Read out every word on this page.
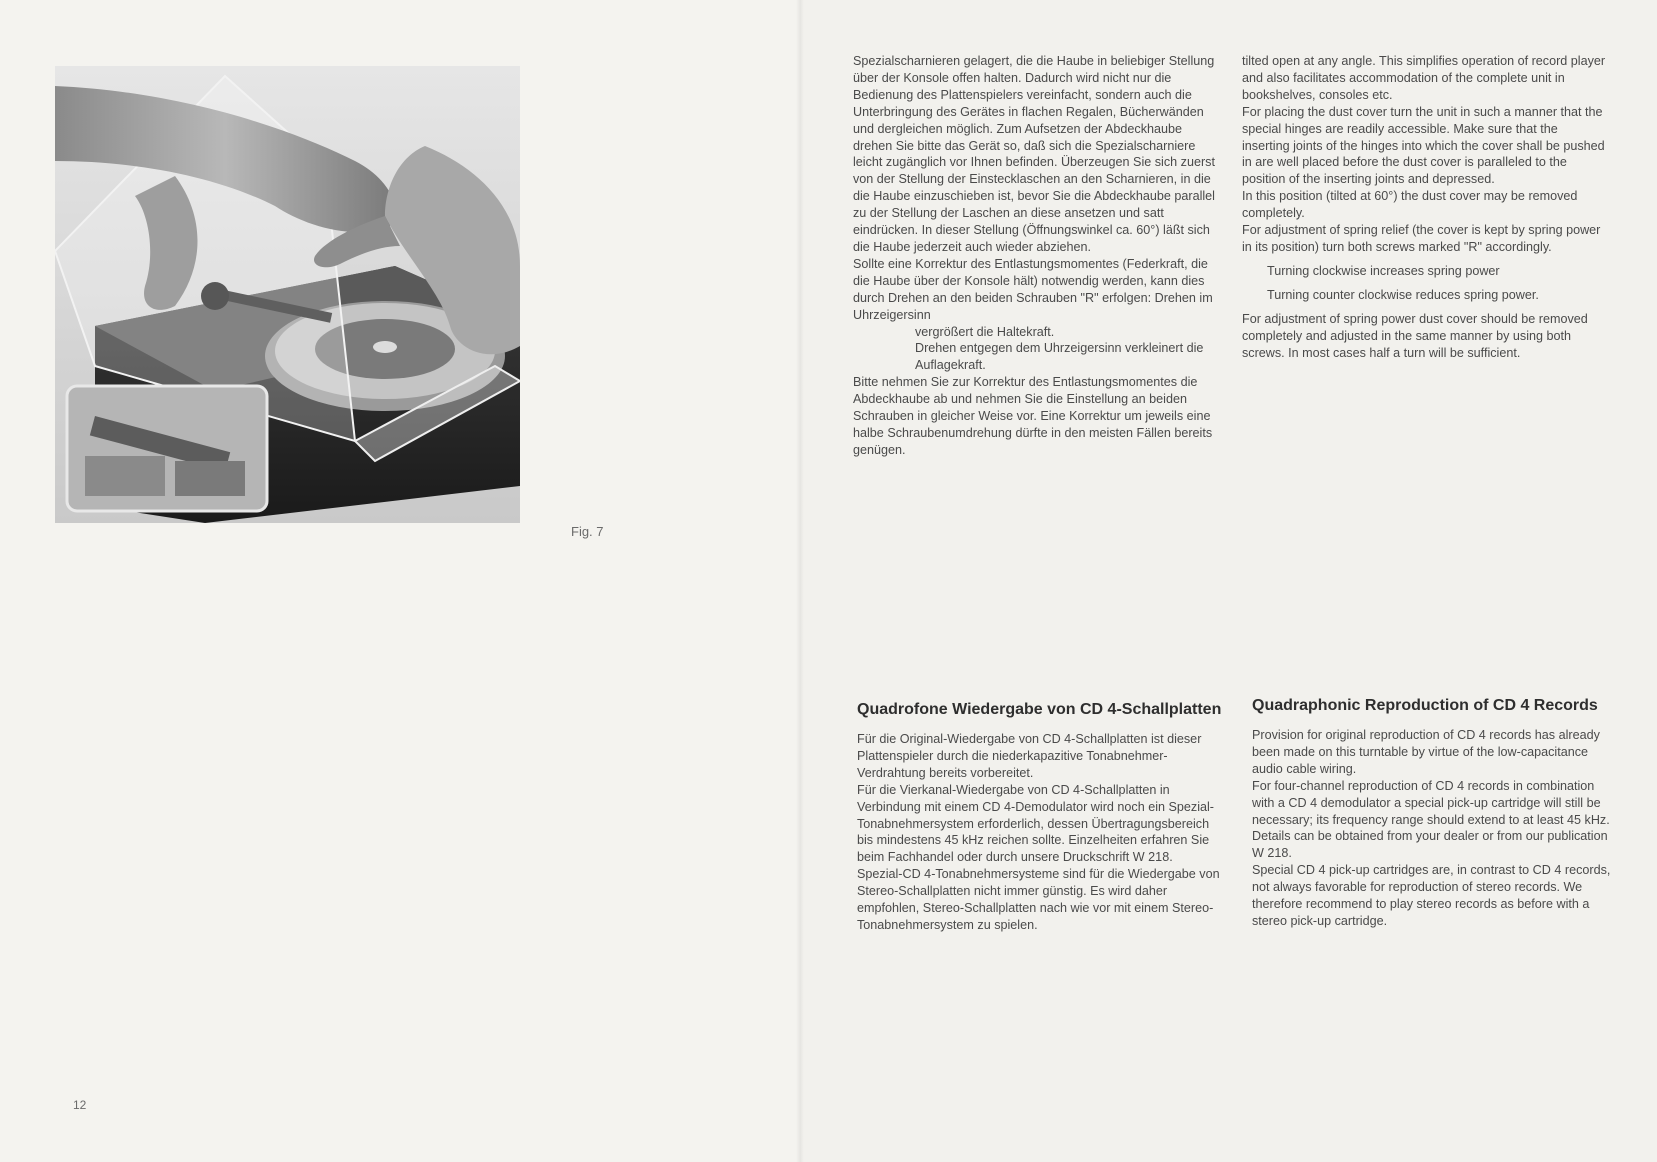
Fig. 7
12

Spezialscharnieren gelagert, die die Haube in beliebiger Stellung über der Konsole offen halten. Dadurch wird nicht nur die Bedienung des Plattenspielers vereinfacht, sondern auch die Unterbringung des Gerätes in flachen Regalen, Bücherwänden und dergleichen möglich. Zum Aufsetzen der Abdeckhaube drehen Sie bitte das Gerät so, daß sich die Spezialscharniere leicht zugänglich vor Ihnen befinden. Überzeugen Sie sich zuerst von der Stellung der Einstecklaschen an den Scharnieren, in die die Haube einzuschieben ist, bevor Sie die Abdeckhaube parallel zu der Stellung der Laschen an diese ansetzen und satt eindrücken. In dieser Stellung (Öffnungswinkel ca. 60°) läßt sich die Haube jederzeit auch wieder abziehen.

Sollte eine Korrektur des Entlastungsmomentes (Federkraft, die die Haube über der Konsole hält) notwendig werden, kann dies durch Drehen an den beiden Schrauben "R" erfolgen: Drehen im Uhrzeigersinn

vergrößert die Haltekraft.

Drehen entgegen dem Uhrzeigersinn verkleinert die Auflagekraft.

Bitte nehmen Sie zur Korrektur des Entlastungsmomentes die Abdeckhaube ab und nehmen Sie die Einstellung an beiden Schrauben in gleicher Weise vor. Eine Korrektur um jeweils eine halbe Schraubenumdrehung dürfte in den meisten Fällen bereits genügen.

tilted open at any angle. This simplifies operation of record player and also facilitates accommodation of the complete unit in bookshelves, consoles etc.

For placing the dust cover turn the unit in such a manner that the special hinges are readily accessible. Make sure that the inserting joints of the hinges into which the cover shall be pushed in are well placed before the dust cover is paralleled to the position of the inserting joints and depressed.

In this position (tilted at 60°) the dust cover may be removed completely.

For adjustment of spring relief (the cover is kept by spring power in its position) turn both screws marked "R" accordingly.

Turning clockwise increases spring power

Turning counter clockwise reduces spring power.

For adjustment of spring power dust cover should be removed completely and adjusted in the same manner by using both screws. In most cases half a turn will be sufficient.

Quadrofone Wiedergabe von CD 4-Schallplatten

Für die Original-Wiedergabe von CD 4-Schallplatten ist dieser Plattenspieler durch die niederkapazitive Tonabnehmer-Verdrahtung bereits vorbereitet.

Für die Vierkanal-Wiedergabe von CD 4-Schallplatten in Verbindung mit einem CD 4-Demodulator wird noch ein Spezial-Tonabnehmersystem erforderlich, dessen Übertragungsbereich bis mindestens 45 kHz reichen sollte. Einzelheiten erfahren Sie beim Fachhandel oder durch unsere Druckschrift W 218.

Spezial-CD 4-Tonabnehmersysteme sind für die Wiedergabe von Stereo-Schallplatten nicht immer günstig. Es wird daher empfohlen, Stereo-Schallplatten nach wie vor mit einem Stereo-Tonabnehmersystem zu spielen.

Quadraphonic Reproduction of CD 4 Records

Provision for original reproduction of CD 4 records has already been made on this turntable by virtue of the low-capacitance audio cable wiring.

For four-channel reproduction of CD 4 records in combination with a CD 4 demodulator a special pick-up cartridge will still be necessary; its frequency range should extend to at least 45 kHz. Details can be obtained from your dealer or from our publication W 218.

Special CD 4 pick-up cartridges are, in contrast to CD 4 records, not always favorable for reproduction of stereo records. We therefore recommend to play stereo records as before with a stereo pick-up cartridge.
